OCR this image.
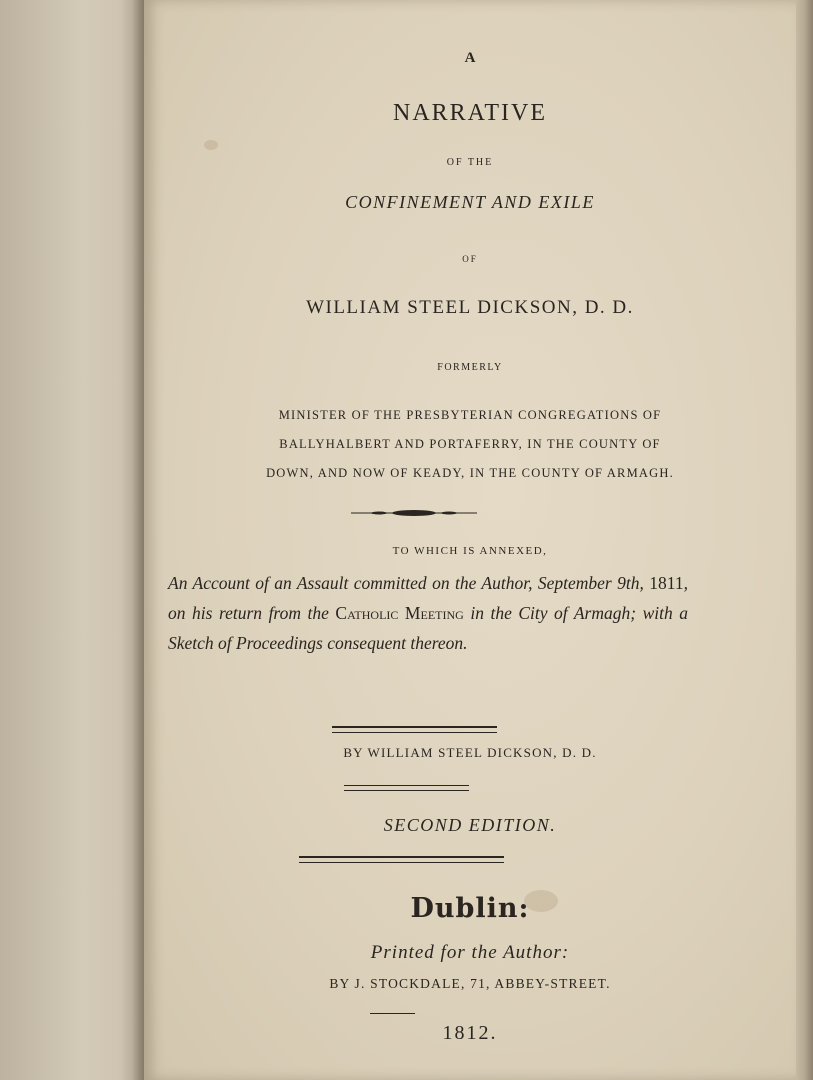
A
NARRATIVE
OF THE
CONFINEMENT AND EXILE
OF
WILLIAM STEEL DICKSON, D. D.
FORMERLY
MINISTER OF THE PRESBYTERIAN CONGREGATIONS OF
BALLYHALBERT AND PORTAFERRY, IN THE COUNTY OF
DOWN, AND NOW OF KEADY, IN THE COUNTY OF ARMAGH.
TO WHICH IS ANNEXED,
An Account of an Assault committed on the Author, September 9th, 1811, on his return from the Catholic Meeting in the City of Armagh; with a Sketch of Proceedings consequent thereon.
BY WILLIAM STEEL DICKSON, D. D.
SECOND EDITION.
Dublin:
Printed for the Author:
BY J. STOCKDALE, 71, ABBEY-STREET.
1812.
